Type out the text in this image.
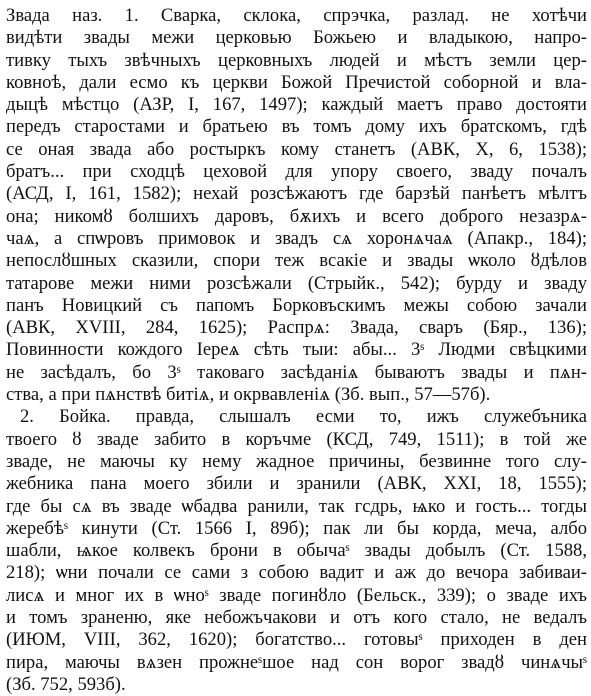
Звада наз. 1. Сварка, склока, спрэчка, разлад. не хотѣчи
видѣти звады межи церковью Божьею и владыкою, напро-
тивку тыхъ звѣчныхъ церковныхъ людей и мѣстъ земли цер-
ковноѣ, дали есмо къ церкви Божой Пречистой соборной и вла-
дыцѣ мѣстцо (АЗР, I, 167, 1497); каждый маетъ право достояти
передъ старостами и братьею въ томъ дому ихъ братскомъ, гдѣ
се оная звада або ростыркъ кому станетъ (АВК, X, 6, 1538);
братъ... при сходцѣ цеховой для упору своего, зваду почалъ
(АСД, I, 161, 1582); нехай розсѣжаютъ где барзѣй панѣетъ мѣлтъ
она; никомȣ болшихъ даровъ, бѫихъ и всего доброго незазрѧ-
чаѧ, а спѡровъ примовок и звадъ сѧ хоронѧчаѧ (Апакр., 184);
непослȣшных сказили, спори теж всакіе и звады ѡколо ȣдѣлов
татарове межи ними розсѣжали (Стрыйк., 542); бурду и зваду
панъ Новицкий съ папомъ Борковъскимъ межы собою зачали
(АВК, XVIII, 284, 1625); Распрѧ: Звада, сваръ (Бяр., 136);
Повинности кождого Iереѧ сѣть тыи: абы... 3ˢ Людми свѣцкими
не засѣдалъ, бо 3ˢ таковаго засѣданіѧ бываютъ звады и пѧн-
ства, а при пѧнствѣ битіѧ, и окрвавленіѧ (Зб. вып., 57—57б).
2. Бойка. правда, слышалъ есми то, ижъ служебъника
твоего ȣ зваде забито в коръчме (КСД, 749, 1511); в той же
зваде, не маючы ку нему жадное причины, безвинне того слу-
жебника пана моего збили и зранили (АВК, XXI, 18, 1555);
где бы сѧ въ зваде ѡбадва ранили, так гсдрь, ѩко и гость... тогды
жеребѣˢ кинути (Ст. 1566 I, 89б); пак ли бы корда, меча, албо
шабли, ѩкое колвекъ брони в обычаˢ звады добылъ (Ст. 1588,
218); ѡни почали се сами з собою вадит и аж до вечора забиваи-
лисѧ и мног их в ѡноˢ зваде погинȣло (Бельск., 339); о зваде ихъ
и томъ зраненю, яке небожъчакови и отъ кого стало, не ведалъ
(ИЮМ, VIII, 362, 1620); богатство... готовыˢ приходен в ден
пира, маючы вѧзен прожнеˢшое над сон ворог звадȣ чинѧчыˢ
(Зб. 752, 593б).
